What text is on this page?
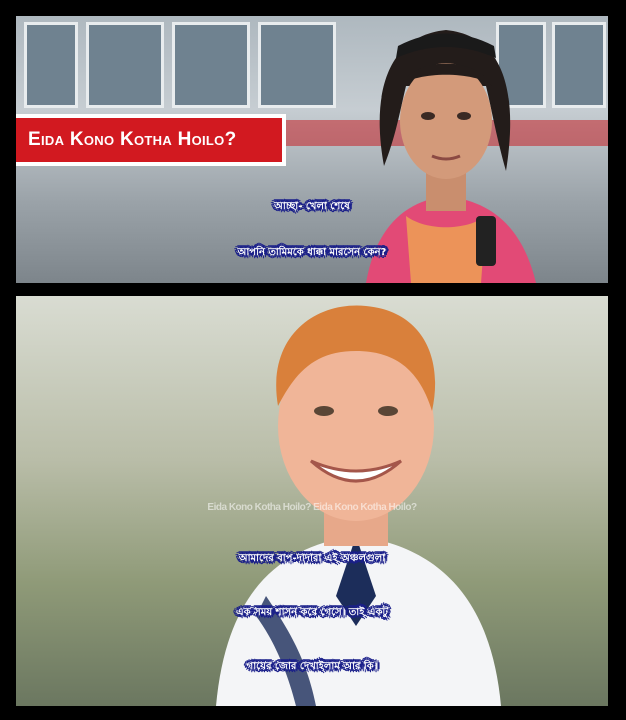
Eida Kono Kotha Hoilo?
আচ্ছা- খেলা শেষে
আপনি তামিমকে ধাক্কা মারসেন কেন?
Eida Kono Kotha Hoilo? Eida Kono Kotha Hoilo?
আমাদের বাপ-দাদারা এই অঞ্চলগুলা
এক সময় শাসন করে গেসে। তাই একটু
গায়ের জোর দেখাইলাম আর কি।
